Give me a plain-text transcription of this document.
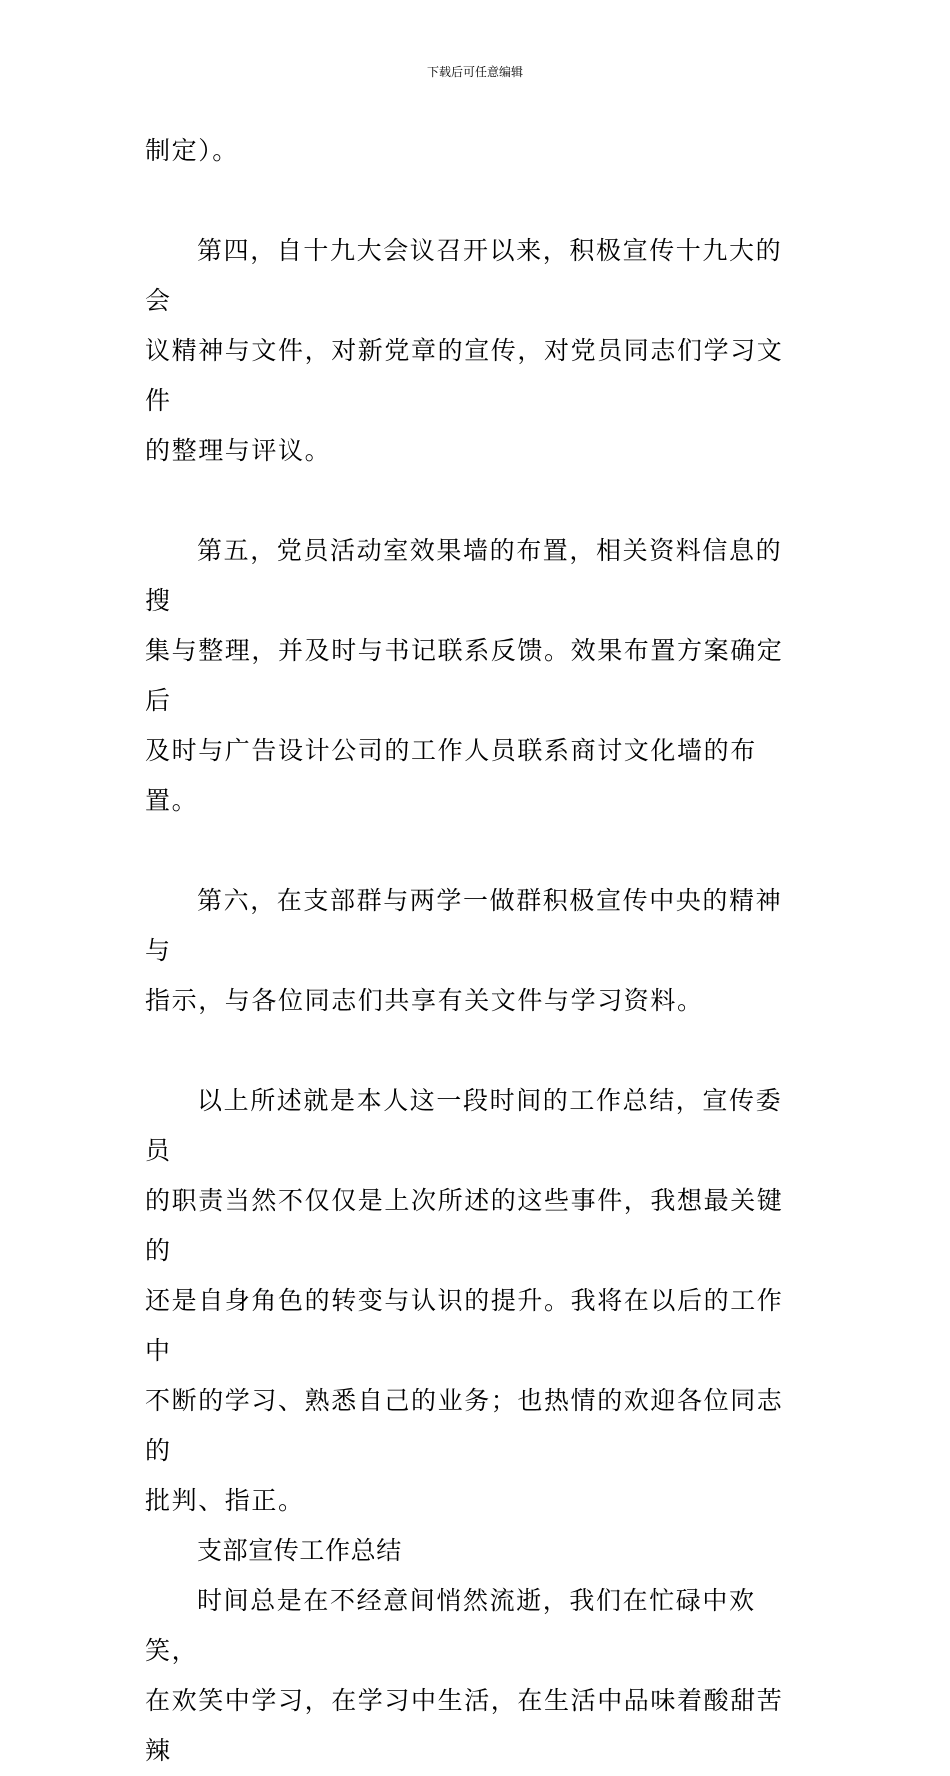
下载后可任意编辑

制定）。

第四，自十九大会议召开以来，积极宣传十九大的会
议精神与文件，对新党章的宣传，对党员同志们学习文件
的整理与评议。

第五，党员活动室效果墙的布置，相关资料信息的搜
集与整理，并及时与书记联系反馈。效果布置方案确定后
及时与广告设计公司的工作人员联系商讨文化墙的布置。

第六，在支部群与两学一做群积极宣传中央的精神与
指示，与各位同志们共享有关文件与学习资料。

以上所述就是本人这一段时间的工作总结，宣传委员
的职责当然不仅仅是上次所述的这些事件，我想最关键的
还是自身角色的转变与认识的提升。我将在以后的工作中
不断的学习、熟悉自己的业务；也热情的欢迎各位同志的
批判、指正。

支部宣传工作总结

时间总是在不经意间悄然流逝，我们在忙碌中欢笑，
在欢笑中学习，在学习中生活，在生活中品味着酸甜苦辣
